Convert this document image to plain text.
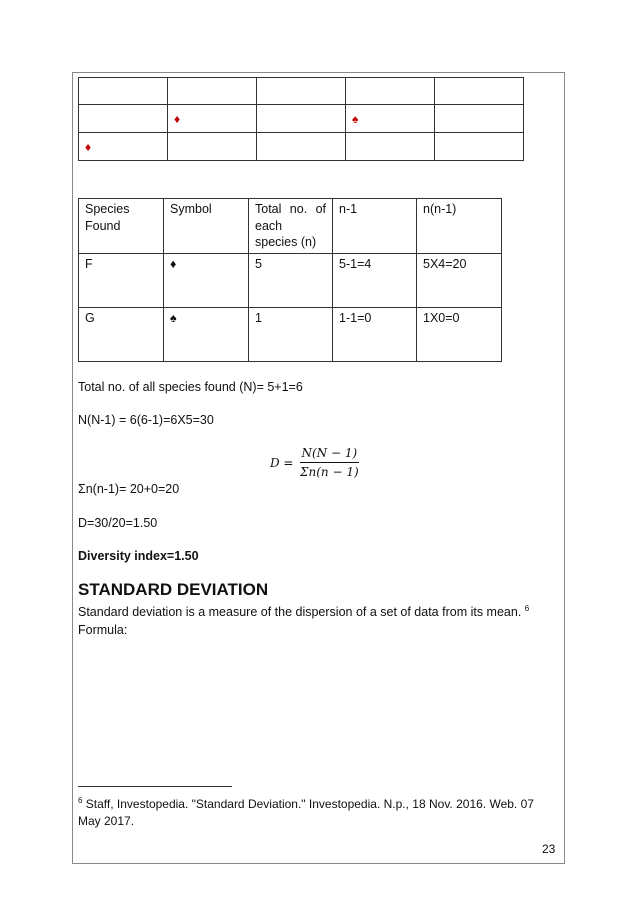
	♦		♠	
♦				
Species Found	Symbol	Total no. of each species (n)	n-1	n(n-1)
F	♦	5	5-1=4	5X4=20
G	♠	1	1-1=0	1X0=0
Total no. of all species found (N)= 5+1=6
N(N-1) = 6(6-1)=6X5=30
$D = \frac{N(N - 1)}{\Sigma n(n - 1)}$
Σn(n-1)= 20+0=20
D=30/20=1.50
Diversity index=1.50
STANDARD DEVIATION
Standard deviation is a measure of the dispersion of a set of data from its mean. $^6$
Formula:
$^6$ Staff, Investopedia. "Standard Deviation." Investopedia. N.p., 18 Nov. 2016. Web. 07 May 2017.
23
